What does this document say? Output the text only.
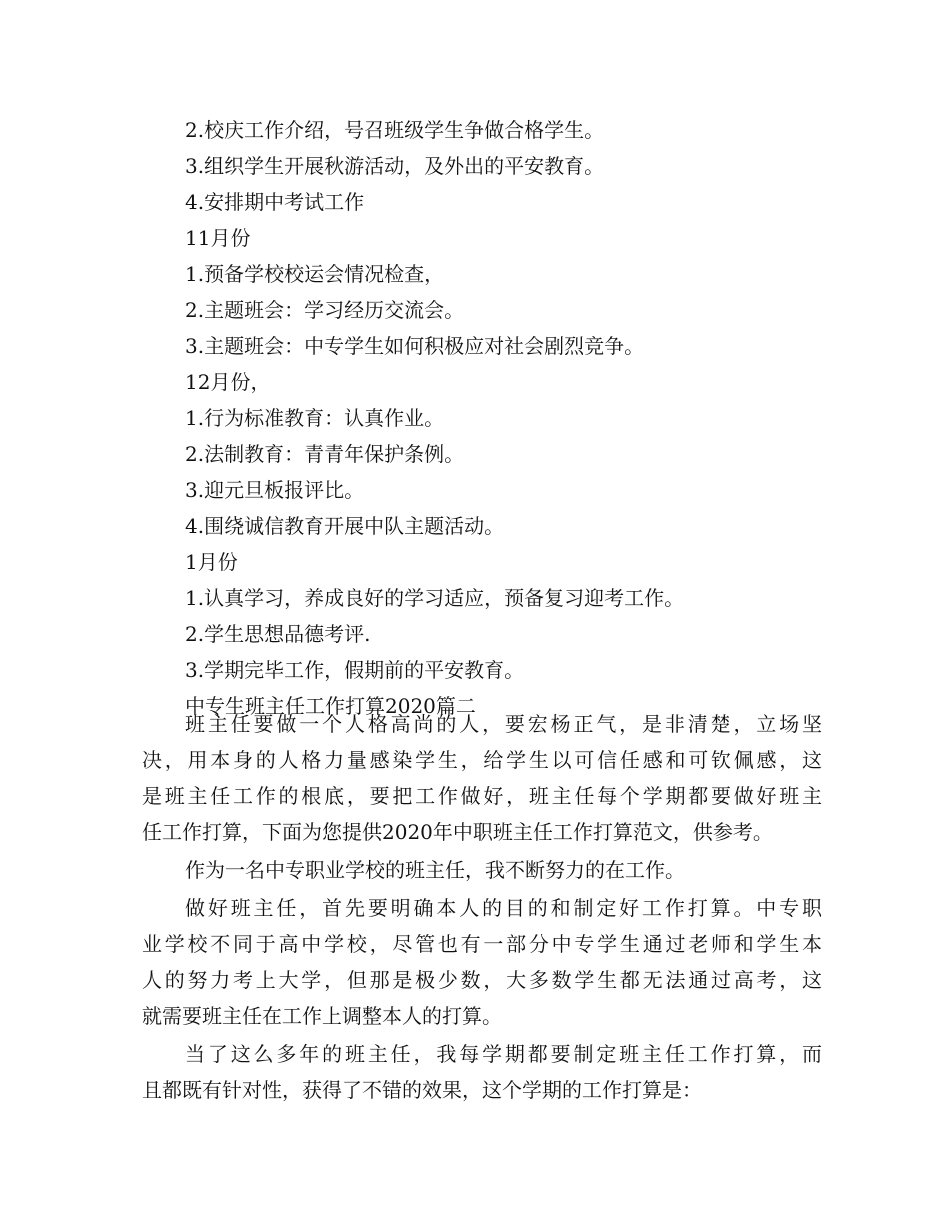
2.校庆工作介绍，号召班级学生争做合格学生。
3.组织学生开展秋游活动，及外出的平安教育。
4.安排期中考试工作
11月份
1.预备学校校运会情况检查，
2.主题班会：学习经历交流会。
3.主题班会：中专学生如何积极应对社会剧烈竞争。
12月份，
1.行为标准教育：认真作业。
2.法制教育：青青年保护条例。
3.迎元旦板报评比。
4.围绕诚信教育开展中队主题活动。
1月份
1.认真学习，养成良好的学习适应，预备复习迎考工作。
2.学生思想品德考评.
3.学期完毕工作，假期前的平安教育。
中专生班主任工作打算2020篇二
班主任要做一个人格高尚的人，要宏杨正气，是非清楚，立场坚
决，用本身的人格力量感染学生，给学生以可信任感和可钦佩感，这
是班主任工作的根底，要把工作做好，班主任每个学期都要做好班主
任工作打算，下面为您提供2020年中职班主任工作打算范文，供参考。
作为一名中专职业学校的班主任，我不断努力的在工作。
做好班主任，首先要明确本人的目的和制定好工作打算。中专职
业学校不同于高中学校，尽管也有一部分中专学生通过老师和学生本
人的努力考上大学，但那是极少数，大多数学生都无法通过高考，这
就需要班主任在工作上调整本人的打算。
当了这么多年的班主任，我每学期都要制定班主任工作打算，而
且都既有针对性，获得了不错的效果，这个学期的工作打算是：
